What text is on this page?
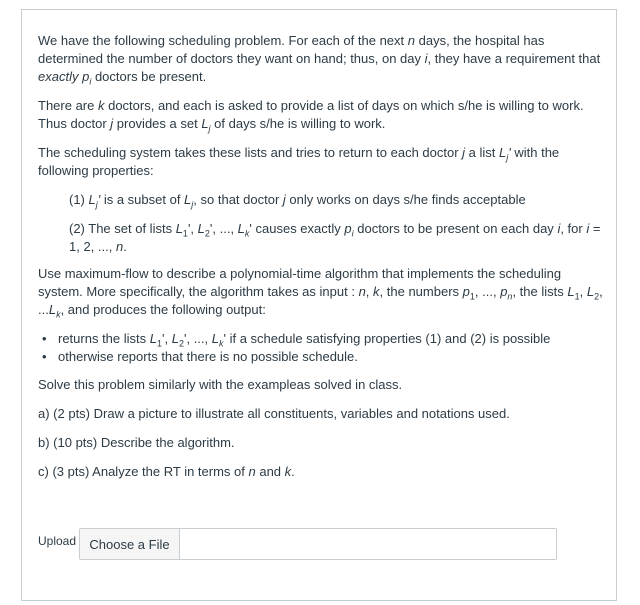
We have the following scheduling problem. For each of the next n days, the hospital has determined the number of doctors they want on hand; thus, on day i, they have a requirement that exactly $p_i$ doctors be present.

There are k doctors, and each is asked to provide a list of days on which s/he is willing to work. Thus doctor j provides a set $L_j$ of days s/he is willing to work.

The scheduling system takes these lists and tries to return to each doctor j a list $L_j'$ with the following properties:

(1) $L_j'$ is a subset of $L_j$, so that doctor j only works on days s/he finds acceptable

(2) The set of lists $L_1'$, $L_2'$, ..., $L_k'$ causes exactly $p_i$ doctors to be present on each day i, for i = 1, 2, ..., n.

Use maximum-flow to describe a polynomial-time algorithm that implements the scheduling system. More specifically, the algorithm takes as input : n, k, the numbers $p_1$, ..., $p_n$, the lists $L_1$, $L_2$, $...L_k$, and produces the following output:

• returns the lists $L_1'$, $L_2'$, ..., $L_k'$ if a schedule satisfying properties (1) and (2) is possible
• otherwise reports that there is no possible schedule.

Solve this problem similarly with the exampleas solved in class.

a) (2 pts) Draw a picture to illustrate all constituents, variables and notations used.

b) (10 pts) Describe the algorithm.

c) (3 pts) Analyze the RT in terms of n and k.

Upload	Choose a File
